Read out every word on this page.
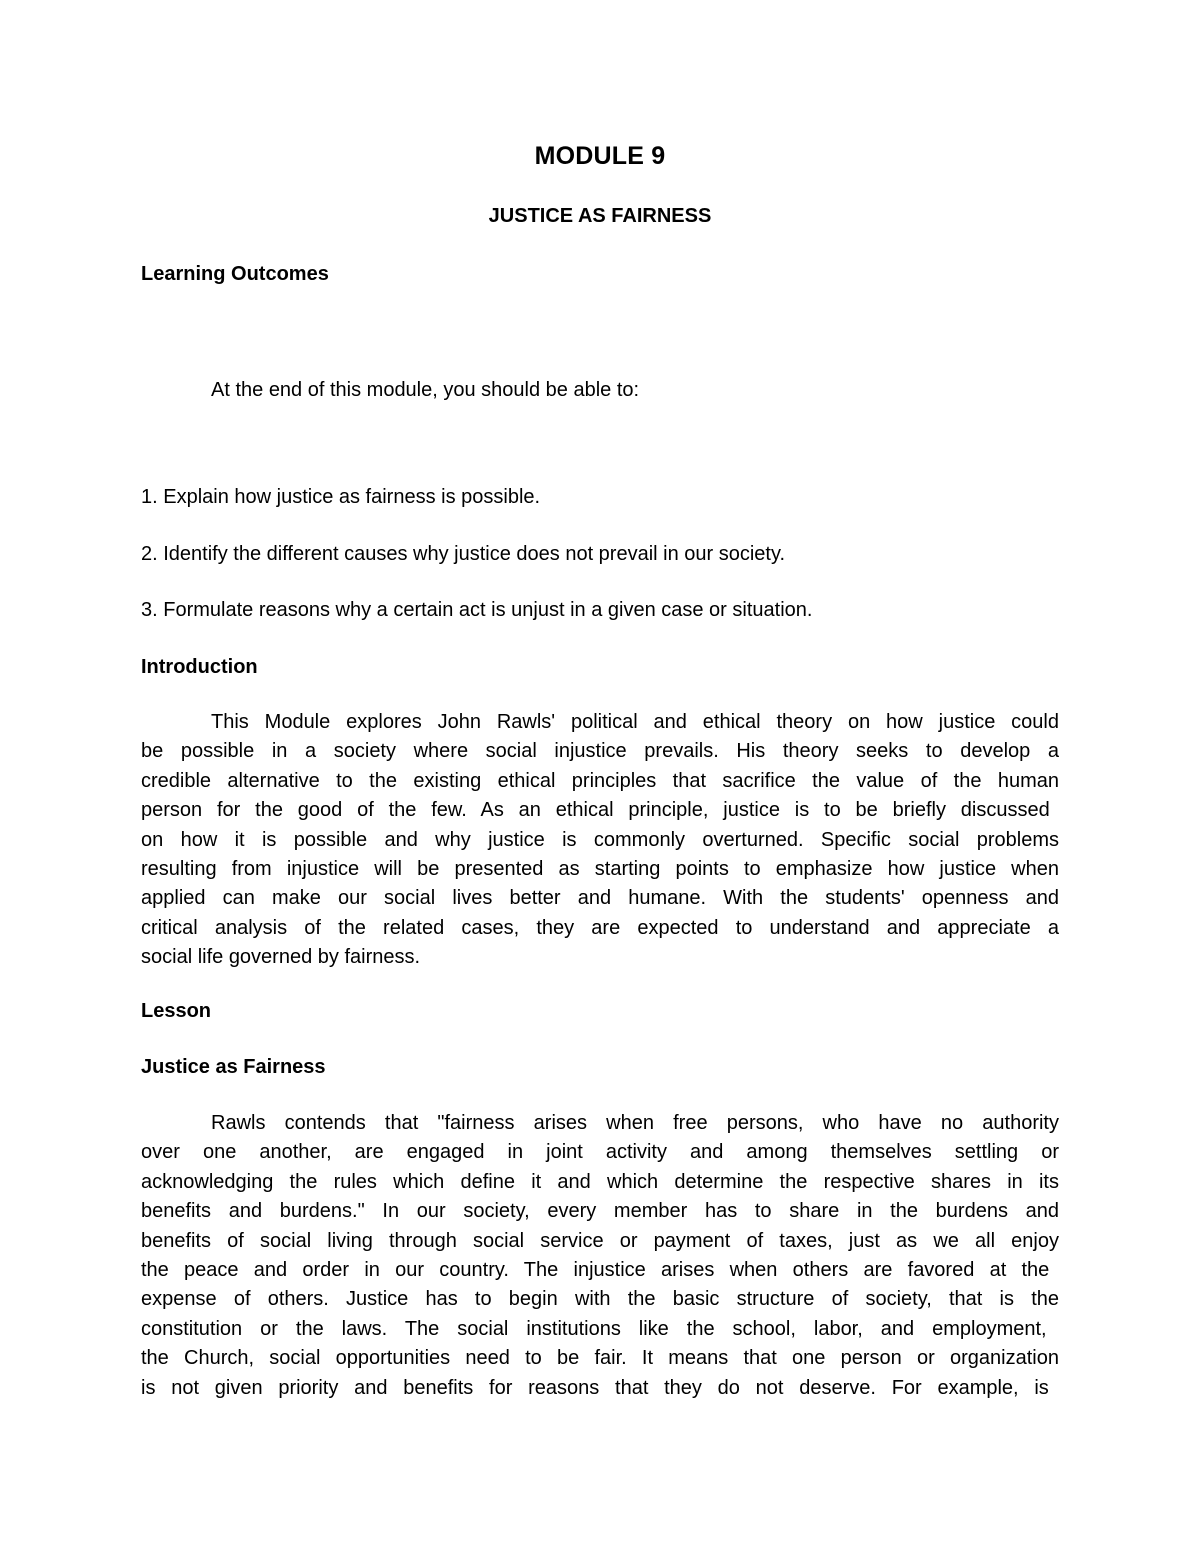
MODULE 9
JUSTICE AS FAIRNESS
Learning Outcomes
At the end of this module, you should be able to:
1. Explain how justice as fairness is possible.
2. Identify the different causes why justice does not prevail in our society.
3. Formulate reasons why a certain act is unjust in a given case or situation.
Introduction
This Module explores John Rawls' political and ethical theory on how justice could
be possible in a society where social injustice prevails. His theory seeks to develop a
credible alternative to the existing ethical principles that sacrifice the value of the human
person for the good of the few. As an ethical principle, justice is to be briefly discussed
on how it is possible and why justice is commonly overturned. Specific social problems
resulting from injustice will be presented as starting points to emphasize how justice when
applied can make our social lives better and humane. With the students' openness and
critical analysis of the related cases, they are expected to understand and appreciate a
social life governed by fairness.
Lesson
Justice as Fairness
Rawls contends that "fairness arises when free persons, who have no authority
over one another, are engaged in joint activity and among themselves settling or
acknowledging the rules which define it and which determine the respective shares in its
benefits and burdens." In our society, every member has to share in the burdens and
benefits of social living through social service or payment of taxes, just as we all enjoy
the peace and order in our country. The injustice arises when others are favored at the
expense of others. Justice has to begin with the basic structure of society, that is the
constitution or the laws. The social institutions like the school, labor, and employment,
the Church, social opportunities need to be fair. It means that one person or organization
is not given priority and benefits for reasons that they do not deserve. For example, is
